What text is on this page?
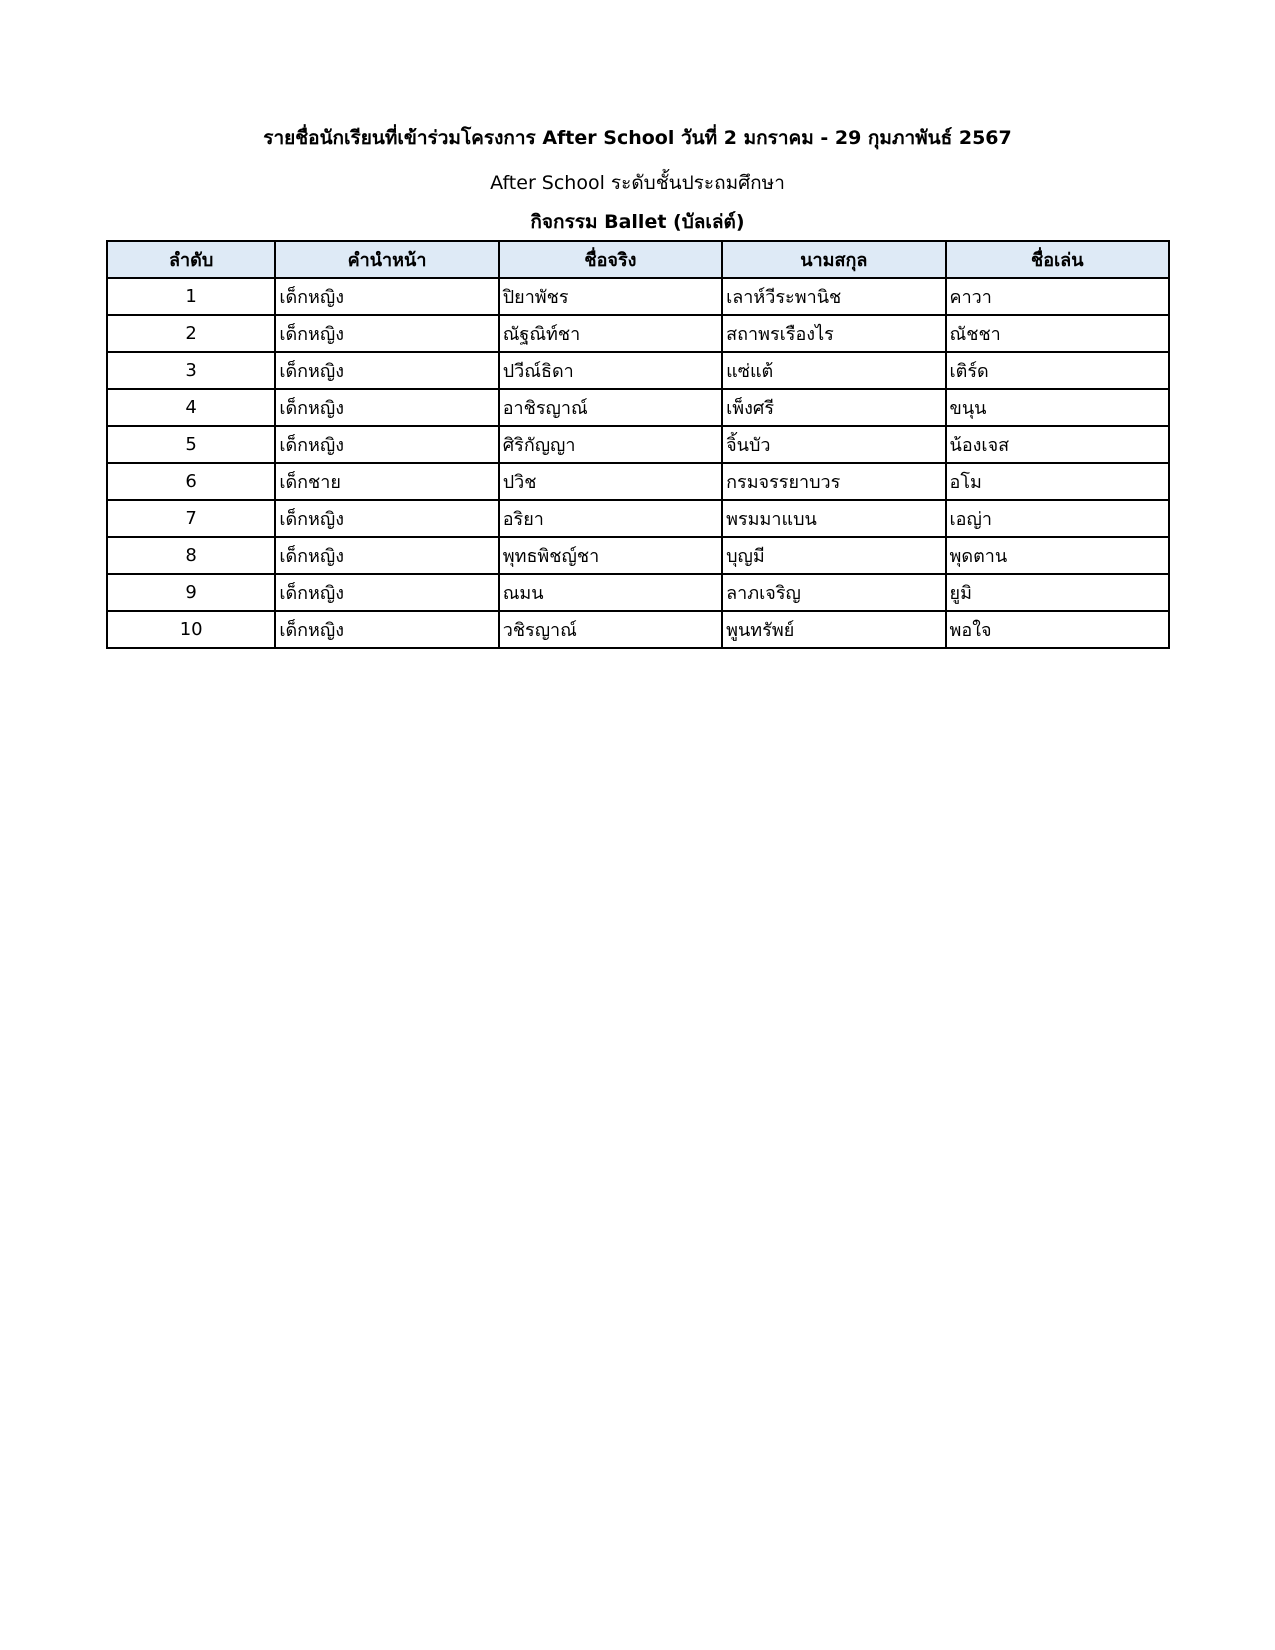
รายชื่อนักเรียนที่เข้าร่วมโครงการ After School วันที่ 2 มกราคม - 29 กุมภาพันธ์ 2567
After School ระดับชั้นประถมศึกษา
กิจกรรม Ballet (บัลเล่ต์)
ลำดับ	คำนำหน้า	ชื่อจริง	นามสกุล	ชื่อเล่น
1	เด็กหญิง	ปิยาพัชร	เลาห์วีระพานิช	คาวา
2	เด็กหญิง	ณัฐณิท์ชา	สถาพรเรืองไร	ณัชชา
3	เด็กหญิง	ปวีณ์ธิดา	แซ่แต้	เติร์ด
4	เด็กหญิง	อาชิรญาณ์	เพ็งศรี	ขนุน
5	เด็กหญิง	ศิริกัญญา	จิ้นบัว	น้องเจส
6	เด็กชาย	ปวิช	กรมจรรยาบวร	อโม
7	เด็กหญิง	อริยา	พรมมาแบน	เอญ่า
8	เด็กหญิง	พุทธพิชญ์ชา	บุญมี	พุดตาน
9	เด็กหญิง	ณมน	ลาภเจริญ	ยูมิ
10	เด็กหญิง	วชิรญาณ์	พูนทรัพย์	พอใจ
